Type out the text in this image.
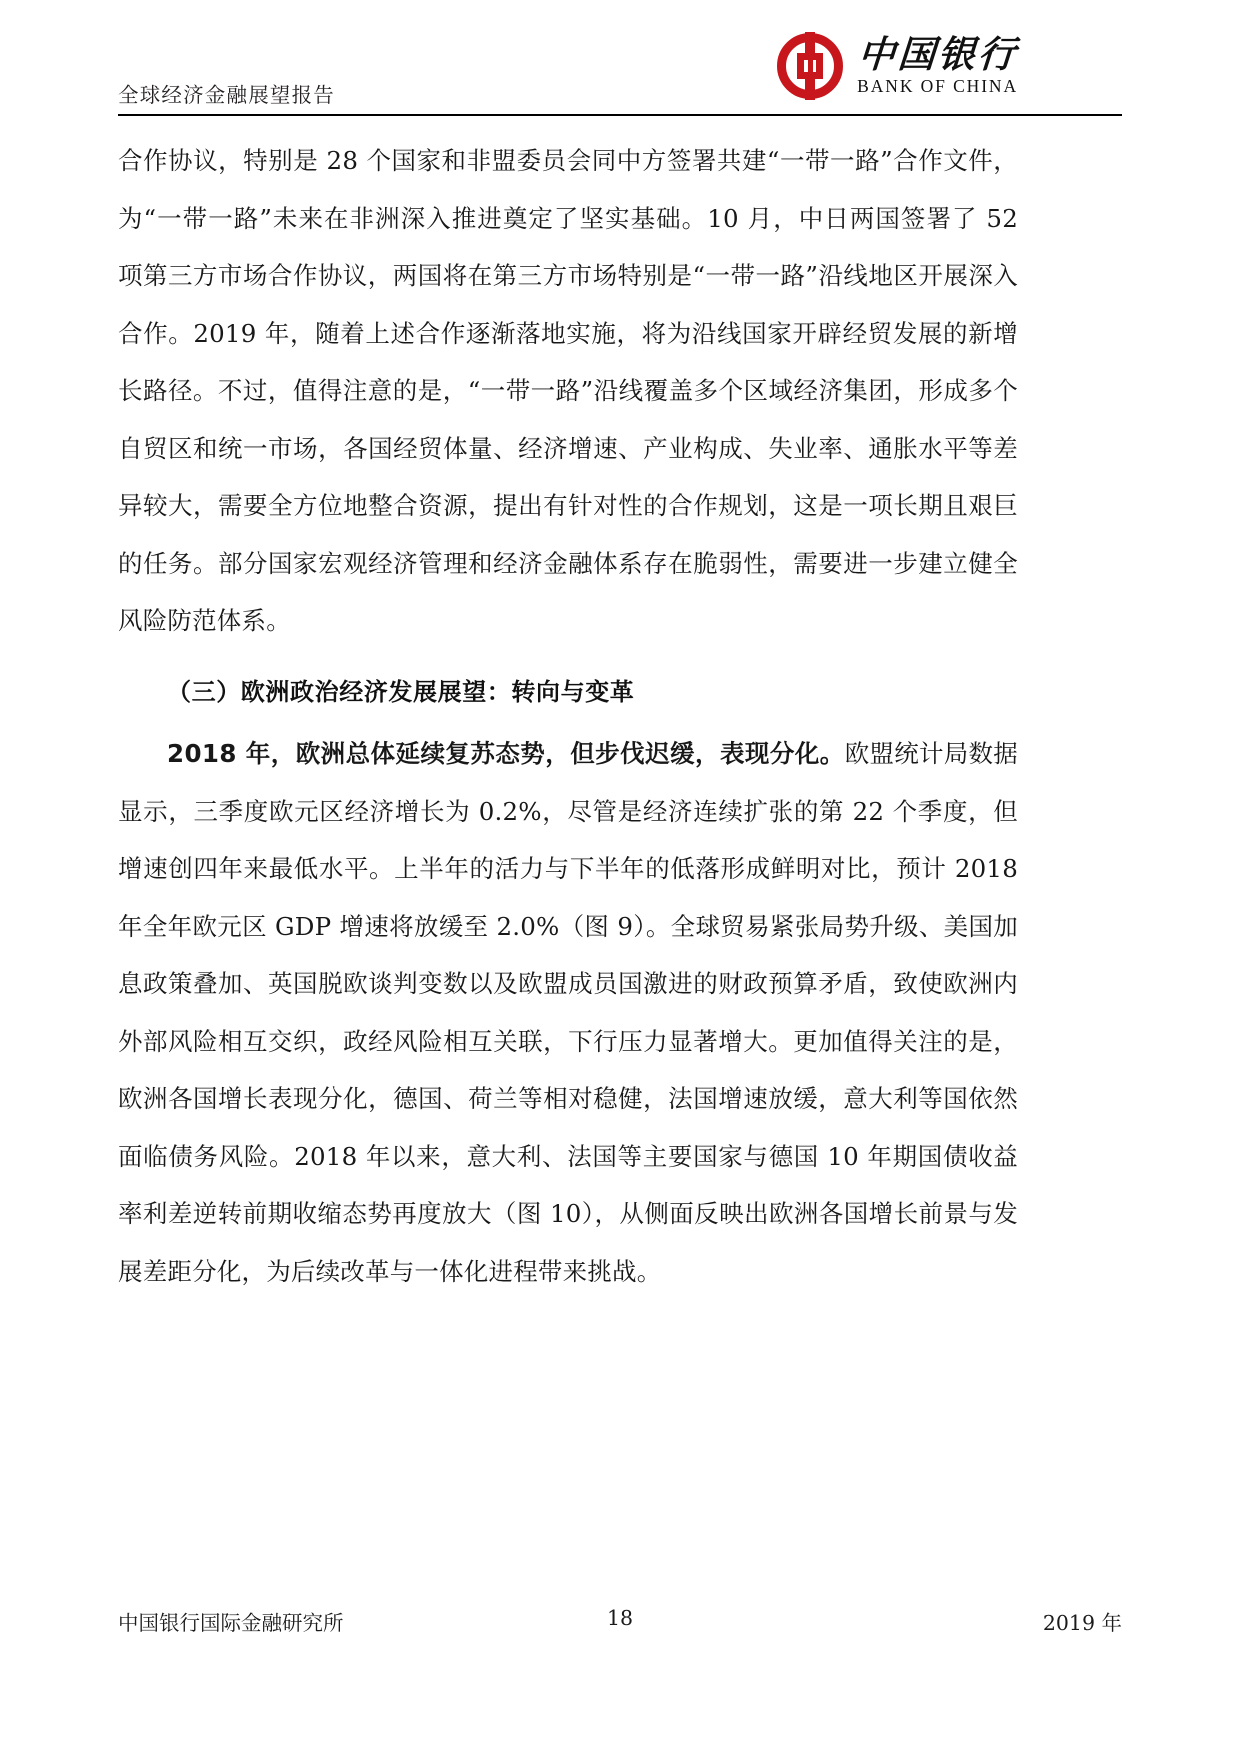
全球经济金融展望报告
中国银行
BANK OF CHINA

合作协议，特别是 28 个国家和非盟委员会同中方签署共建“一带一路”合作文件，为“一带一路”未来在非洲深入推进奠定了坚实基础。10 月，中日两国签署了 52 项第三方市场合作协议，两国将在第三方市场特别是“一带一路”沿线地区开展深入合作。2019 年，随着上述合作逐渐落地实施，将为沿线国家开辟经贸发展的新增长路径。不过，值得注意的是，“一带一路”沿线覆盖多个区域经济集团，形成多个自贸区和统一市场，各国经贸体量、经济增速、产业构成、失业率、通胀水平等差异较大，需要全方位地整合资源，提出有针对性的合作规划，这是一项长期且艰巨的任务。部分国家宏观经济管理和经济金融体系存在脆弱性，需要进一步建立健全风险防范体系。

（三）欧洲政治经济发展展望：转向与变革

2018 年，欧洲总体延续复苏态势，但步伐迟缓，表现分化。欧盟统计局数据显示，三季度欧元区经济增长为 0.2%，尽管是经济连续扩张的第 22 个季度，但增速创四年来最低水平。上半年的活力与下半年的低落形成鲜明对比，预计 2018 年全年欧元区 GDP 增速将放缓至 2.0%（图 9）。全球贸易紧张局势升级、美国加息政策叠加、英国脱欧谈判变数以及欧盟成员国激进的财政预算矛盾，致使欧洲内外部风险相互交织，政经风险相互关联，下行压力显著增大。更加值得关注的是，欧洲各国增长表现分化，德国、荷兰等相对稳健，法国增速放缓，意大利等国依然面临债务风险。2018 年以来，意大利、法国等主要国家与德国 10 年期国债收益率利差逆转前期收缩态势再度放大（图 10），从侧面反映出欧洲各国增长前景与发展差距分化，为后续改革与一体化进程带来挑战。

中国银行国际金融研究所	18	2019 年
